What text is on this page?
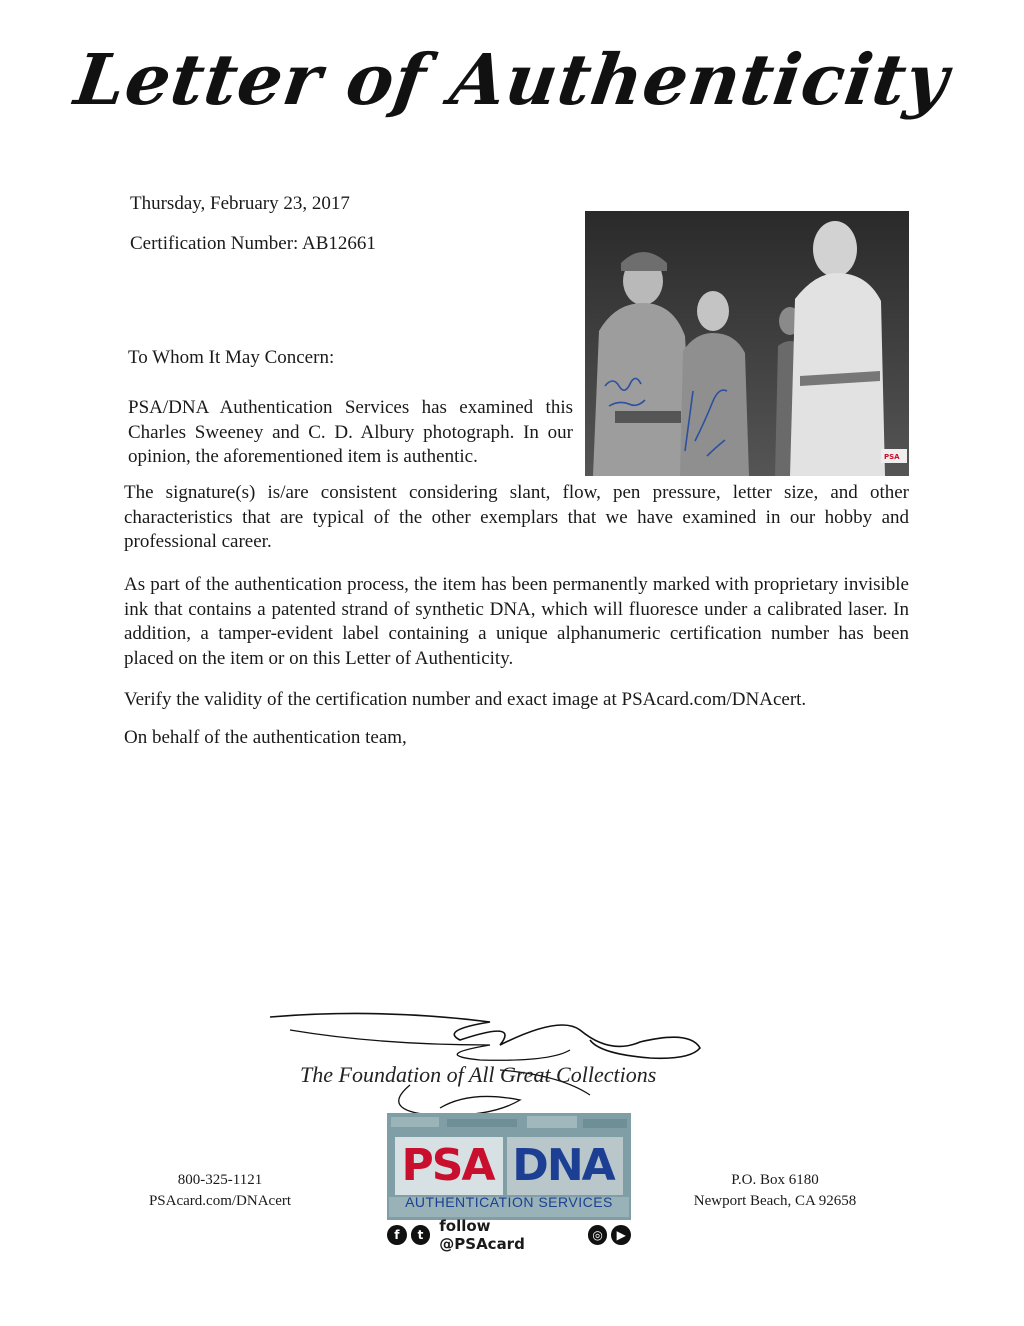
Letter of Authenticity
Thursday, February 23, 2017
Certification Number: AB12661
PSA
To Whom It May Concern:
PSA/DNA Authentication Services has examined this Charles Sweeney and C. D. Albury photograph. In our opinion, the aforementioned item is authentic.
The signature(s) is/are consistent considering slant, flow, pen pressure, letter size, and other characteristics that are typical of the other exemplars that we have examined in our hobby and professional career.
As part of the authentication process, the item has been permanently marked with proprietary invisible ink that contains a patented strand of synthetic DNA, which will fluoresce under a calibrated laser. In addition, a tamper-evident label containing a unique alphanumeric certification number has been placed on the item or on this Letter of Authenticity.
Verify the validity of the certification number and exact image at PSAcard.com/DNAcert.
On behalf of the authentication team,
The Foundation of All Great Collections
800-325-1121
PSAcard.com/DNAcert
PSA DNA
AUTHENTICATION SERVICES
f	t	follow @PSAcard	◎	▶
P.O. Box 6180
Newport Beach, CA 92658
